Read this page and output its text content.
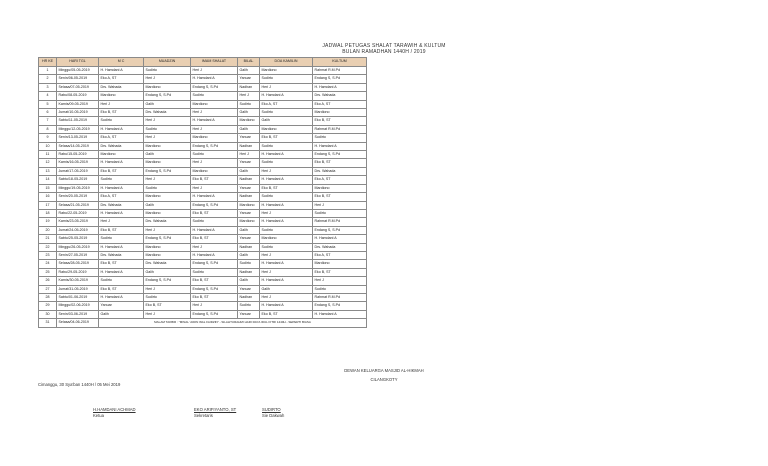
JADWAL PETUGAS SHALAT TARAWIH & KULTUM
BULAN RAMADHAN 1440H / 2019
HR KE	HARI TGL	M C	MUADZIN	IMAM SHALAT	BILAL	DOA KAMILIN	KULTUM
1	Minggu/05-05-2019	H. Hamdani A	Sudirto	Heri J	Galih	Mardiono	Rahmat R.M.Pd
2	Senin/06-05-2019	Eko A, ST	Heri J	H. Hamdani A	Yanuar	Sudirto	Endang S, S.Pd
3	Selasa/07-05-2019	Drs. Wahada	Mardiono	Endang S, S.Pd	Nadhan	Heri J	H. Hamdani A
4	Rabu/08-05-2019	Mardiono	Endang S, S.Pd	Sudirto	Heri J	H. Hamdani A	Drs. Wahada
5	Kamis/09-05-2019	Heri J	Galih	Mardiono	Sudirto	Eko A, ST	Eko A, ST
6	Jumat/10-05-2019	Eko B, ST	Drs. Wahada	Heri J	Galih	Sudirto	Mardiono
7	Sabtu/11-05-2019	Sudirto	Heri J	H. Hamdani A	Mardiono	Galih	Eko B, ST
8	Minggu/12-05-2019	H. Hamdani A	Sudirto	Heri J	Galih	Mardiono	Rahmat R.M.Pd
9	Senin/13-05-2019	Eko A, ST	Heri J	Mardiono	Yanuar	Eko B, ST	Sudirto
10	Selasa/14-05-2019	Drs. Wahada	Mardiono	Endang S, S.Pd	Nadhan	Sudirto	H. Hamdani A
11	Rabu/15-05-2019	Mardiono	Galih	Sudirto	Heri J	H. Hamdani A	Endang S, S.Pd
12	Kamis/16-05-2019	H. Hamdani A	Mardiono	Heri J	Yanuar	Sudirto	Eko B, ST
13	Jumat/17-05-2019	Eko B, ST	Endang S, S.Pd	Mardiono	Galih	Heri J	Drs. Wahada
14	Sabtu/18-05-2019	Sudirto	Heri J	Eko B, ST	Nadhan	H. Hamdani A	Eko A, ST
15	Minggu/19-05-2019	H. Hamdani A	Sudirto	Heri J	Yanuar	Eko B, ST	Mardiono
16	Senin/20-05-2019	Eko A, ST	Mardiono	H. Hamdani A	Nadhan	Sudirto	Eko B, ST
17	Selasa/21-05-2019	Drs. Wahada	Galih	Endang S, S.Pd	Mardiono	H. Hamdani A	Heri J
18	Rabu/22-05-2019	H. Hamdani A	Mardiono	Eko B, ST	Yanuar	Heri J	Sudirto
19	Kamis/23-05-2019	Heri J	Drs. Wahada	Sudirto	Mardiono	H. Hamdani A	Rahmat R.M.Pd
20	Jumat/24-05-2019	Eko B, ST	Heri J	H. Hamdani A	Galih	Sudirto	Endang S, S.Pd
21	Sabtu/25-05-2019	Sudirto	Endang S, S.Pd	Eko B, ST	Yanuar	Mardiono	H. Hamdani A
22	Minggu/26-05-2019	H. Hamdani A	Mardiono	Heri J	Nadhan	Sudirto	Drs. Wahada
23	Senin/27-05-2019	Drs. Wahada	Mardiono	H. Hamdani A	Galih	Heri J	Eko A, ST
24	Selasa/28-05-2019	Eko B, ST	Drs. Wahada	Endang S, S.Pd	Sudirto	H. Hamdani A	Mardiono
25	Rabu/29-05-2019	H. Hamdani A	Galih	Sudirto	Nadhan	Heri J	Eko B, ST
26	Kamis/30-05-2019	Sudirto	Endang S, S.Pd	Eko B, ST	Galih	H. Hamdani A	Heri J
27	Jumat/31-05-2019	Eko B, ST	Heri J	Endang S, S.Pd	Yanuar	Galih	Sudirto
28	Sabtu/01-06-2019	H. Hamdani A	Sudirto	Eko B, ST	Nadhan	Heri J	Rahmat R.M.Pd
29	Minggu/02-06-2019	Yanuar	Eko B, ST	Heri J	Sudirto	H. Hamdani A	Endang S, S.Pd
30	Senin/03-06-2019	Galih	Heri J	Endang S, S.Pd	Yanuar	Eko B, ST	H. Hamdani A
31	Selasa/04-06-2019	MALAM TAKBIR : "MINAL 'AIDIN WAL FAIDZIN" - SILAHTURAHMI HARI RAYA IDUL FITRI 1440H - SEPERTI BIASA					
Cimanggu, 30 Sya'ban 1440H / 05 Mei 2019
DEWAN KELUARGA MASJID AL-HIKMAH
CILANGKOTY
H.HAMDANI ACHMAD
Ketua
EKO ARIFIYANTO, ST
Sekretaris
SUDIRTO
Sie Dakwah
